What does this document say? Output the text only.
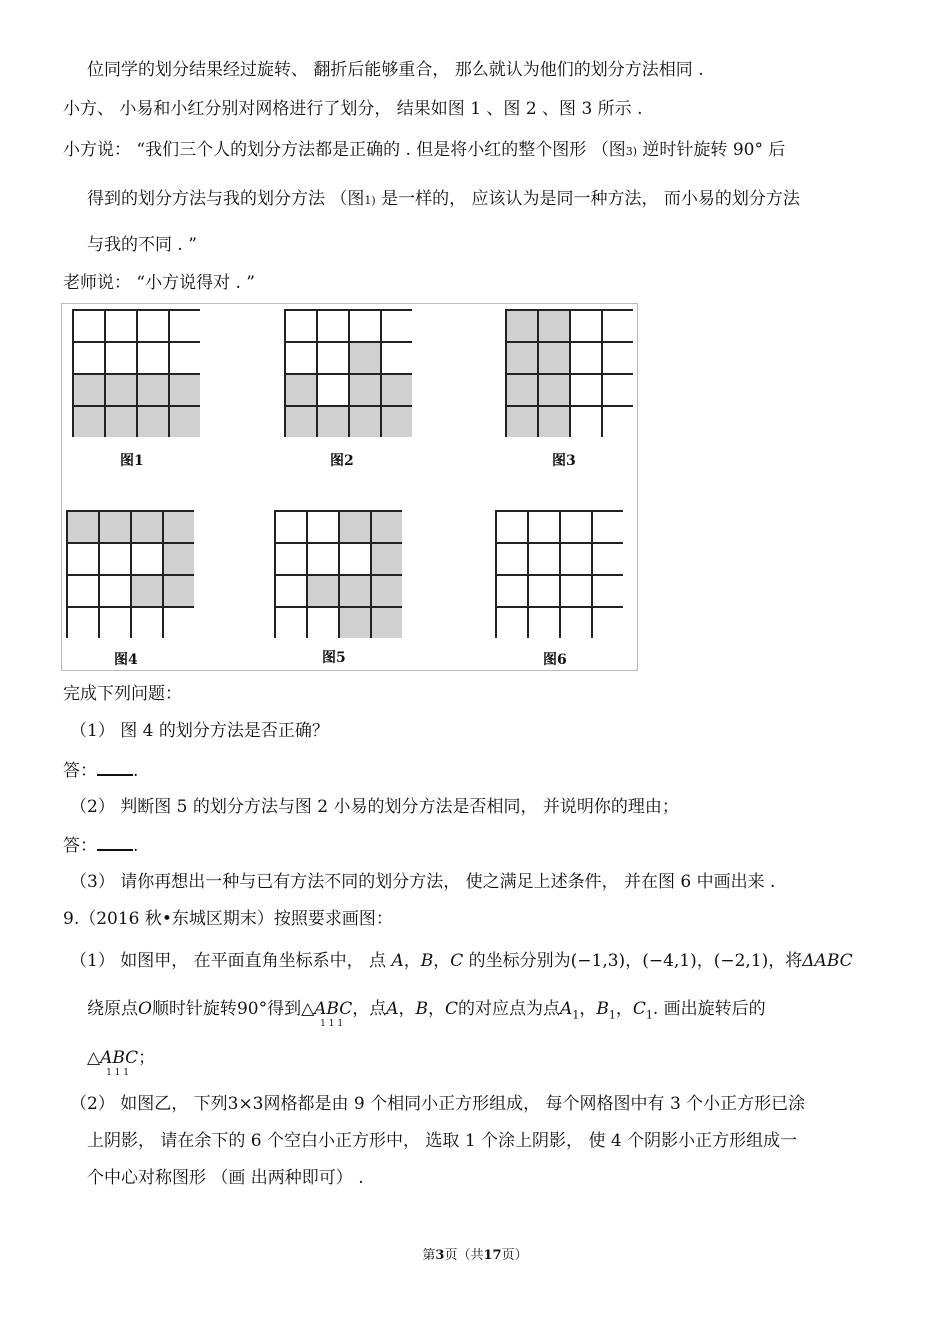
位同学的划分结果经过旋转、 翻折后能够重合， 那么就认为他们的划分方法相同 .
小方、 小易和小红分别对网格进行了划分， 结果如图 1 、图 2 、图 3 所示 .
小方说： “我们三个人的划分方法都是正确的 . 但是将小红的整个图形 （图3) 逆时针旋转 90° 后
得到的划分方法与我的划分方法 （图1) 是一样的， 应该认为是同一种方法， 而小易的划分方法
与我的不同 . ”
老师说： “小方说得对 . ”
图1	图2	图3
图4	图5	图6
完成下列问题：
（1） 图 4 的划分方法是否正确？
答： .
（2） 判断图 5 的划分方法与图 2 小易的划分方法是否相同， 并说明你的理由；
答： .
（3） 请你再想出一种与已有方法不同的划分方法， 使之满足上述条件， 并在图 6 中画出来 .
9.（2016 秋•东城区期末）按照要求画图：
（1） 如图甲， 在平面直角坐标系中， 点 A，B，C 的坐标分别为(−1,3)，(−4,1)，(−2,1)，将ΔABC
绕原点O顺时针旋转90°得到△ABC
1 1 1
，点A，B，C的对应点为点$A_1$，$B_1$，$C_1$. 画出旋转后的
△ABC
1 1 1
；
（2） 如图乙， 下列3×3网格都是由 9 个相同小正方形组成， 每个网格图中有 3 个小正方形已涂
上阴影， 请在余下的 6 个空白小正方形中， 选取 1 个涂上阴影， 使 4 个阴影小正方形组成一
个中心对称图形 （画 出两种即可） .
第3页（共17页）
